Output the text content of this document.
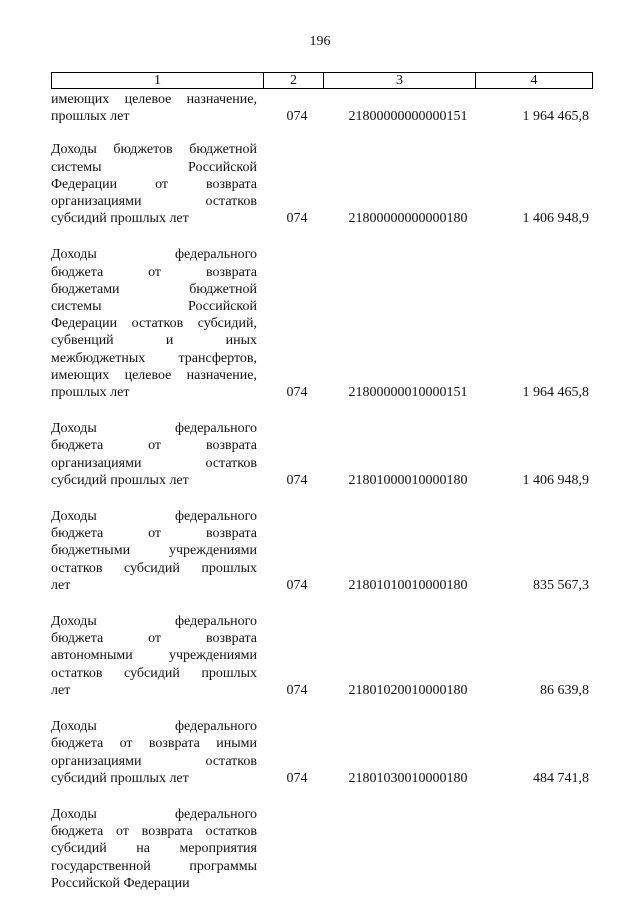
196
1	2	3	4
имеющих целевое назначение,
прошлых лет	074	21800000000000151	1 964 465,8
Доходы бюджетов бюджетной
системы Российской
Федерации от возврата
организациями остатков
субсидий прошлых лет	074	21800000000000180	1 406 948,9
Доходы федерального
бюджета от возврата
бюджетами бюджетной
системы Российской
Федерации остатков субсидий,
субвенций и иных
межбюджетных трансфертов,
имеющих целевое назначение,
прошлых лет	074	21800000010000151	1 964 465,8
Доходы федерального
бюджета от возврата
организациями остатков
субсидий прошлых лет	074	21801000010000180	1 406 948,9
Доходы федерального
бюджета от возврата
бюджетными учреждениями
остатков субсидий прошлых
лет	074	21801010010000180	835 567,3
Доходы федерального
бюджета от возврата
автономными учреждениями
остатков субсидий прошлых
лет	074	21801020010000180	86 639,8
Доходы федерального
бюджета от возврата иными
организациями остатков
субсидий прошлых лет	074	21801030010000180	484 741,8
Доходы федерального
бюджета от возврата остатков
субсидий на мероприятия
государственной программы
Российской Федерации
